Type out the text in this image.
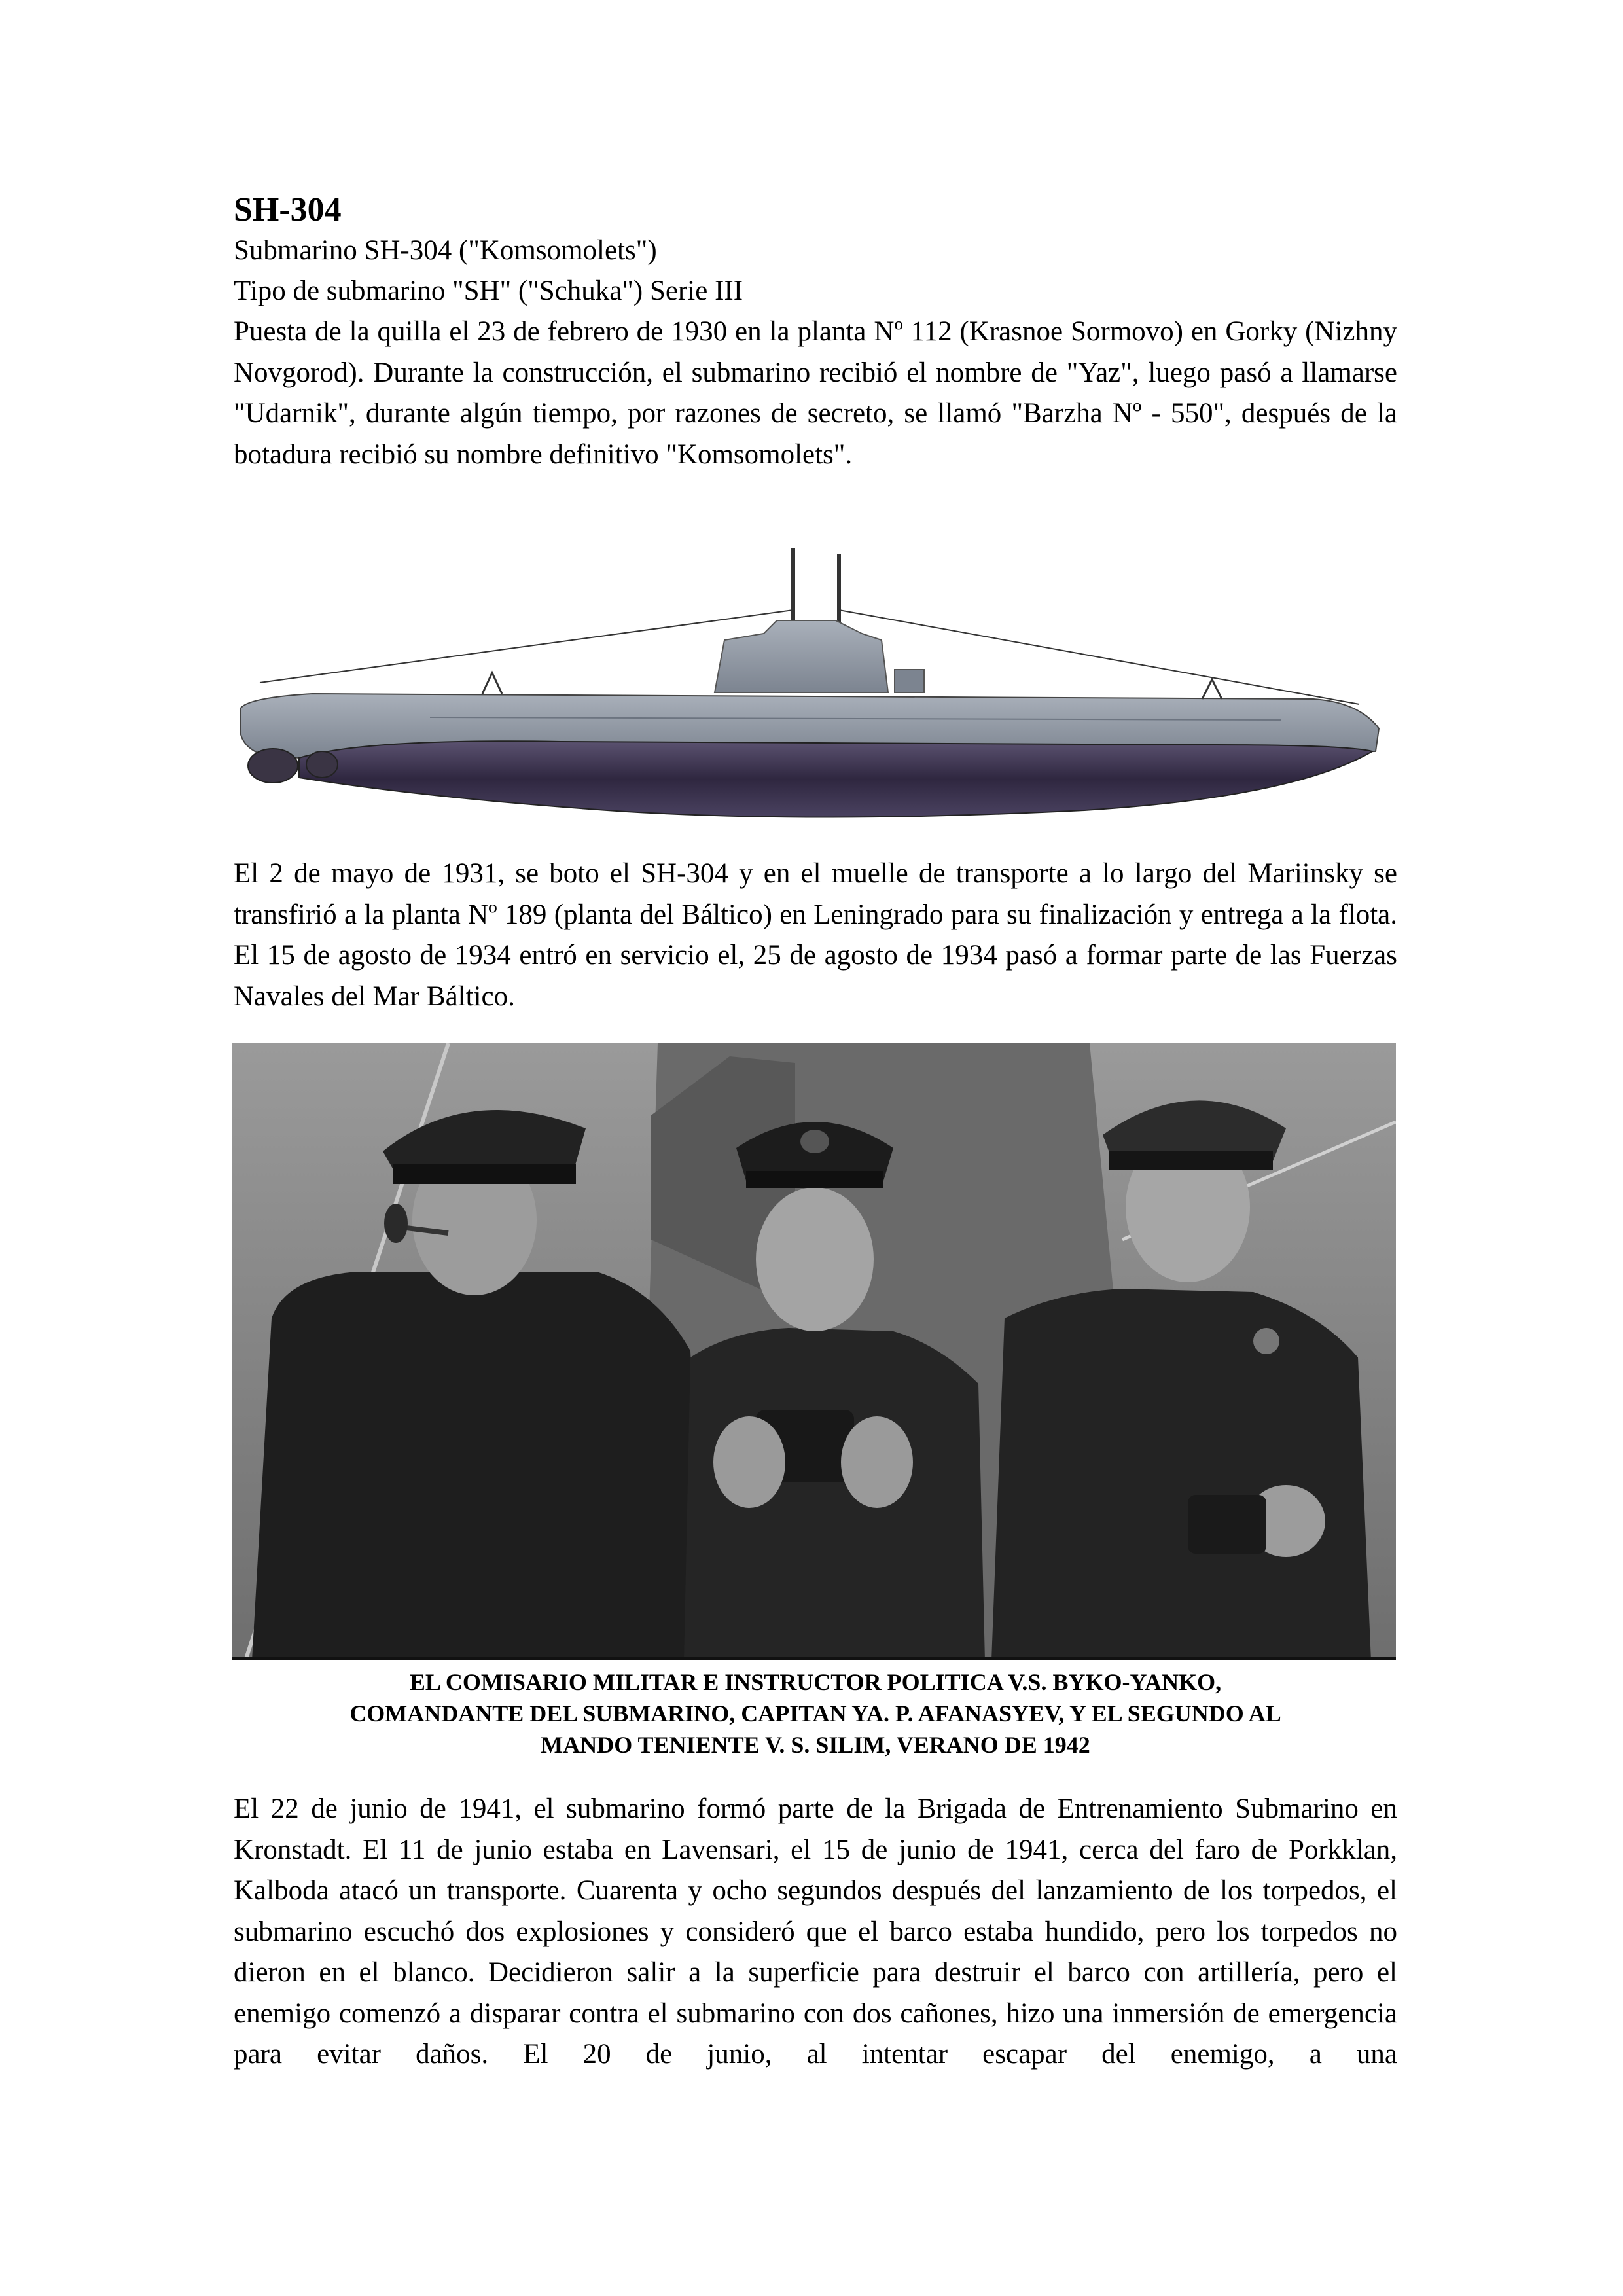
SH-304

Submarino SH-304 ("Komsomolets")

Tipo de submarino "SH" ("Schuka") Serie III

Puesta de la quilla el 23 de febrero de 1930 en la planta Nº 112 (Krasnoe Sormovo) en Gorky (Nizhny Novgorod). Durante la construcción, el submarino recibió el nombre de "Yaz", luego pasó a llamarse "Udarnik", durante algún tiempo, por razones de secreto, se llamó "Barzha Nº - 550", después de la botadura recibió su nombre definitivo "Komsomolets".

El 2 de mayo de 1931, se boto el SH-304 y en el muelle de transporte a lo largo del Mariinsky se transfirió a la planta Nº 189 (planta del Báltico) en Leningrado para su finalización y entrega a la flota. El 15 de agosto de 1934 entró en servicio el, 25 de agosto de 1934 pasó a formar parte de las Fuerzas Navales del Mar Báltico.

EL COMISARIO MILITAR E INSTRUCTOR POLITICA V.S. BYKO-YANKO,
COMANDANTE DEL SUBMARINO, CAPITAN YA. P. AFANASYEV, Y EL SEGUNDO AL
MANDO TENIENTE V. S. SILIM, VERANO DE 1942

El 22 de junio de 1941, el submarino formó parte de la Brigada de Entrenamiento Submarino en Kronstadt. El 11 de junio estaba en Lavensari, el 15 de junio de 1941, cerca del faro de Porkklan, Kalboda atacó un transporte. Cuarenta y ocho segundos después del lanzamiento de los torpedos, el submarino escuchó dos explosiones y consideró que el barco estaba hundido, pero los torpedos no dieron en el blanco. Decidieron salir a la superficie para destruir el barco con artillería, pero el enemigo comenzó a disparar contra el submarino con dos cañones, hizo una inmersión de emergencia para evitar daños. El 20 de junio, al intentar escapar del enemigo, a una
